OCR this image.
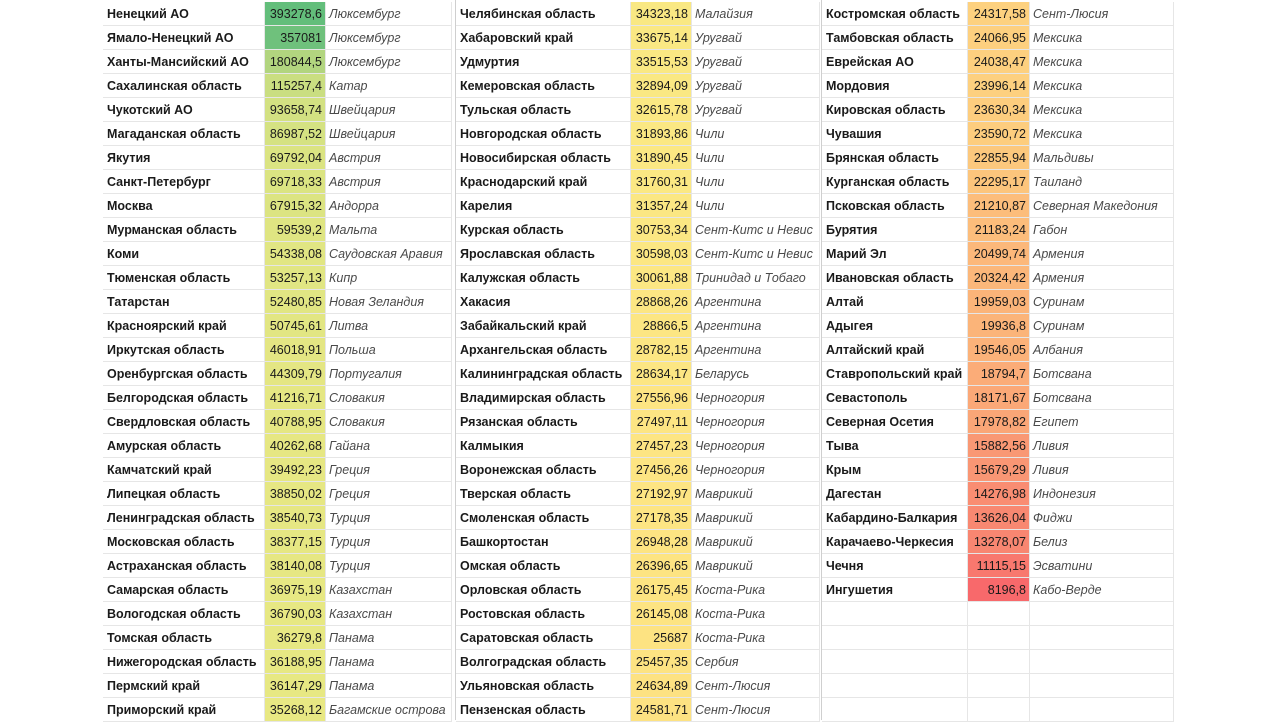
Ненецкий АО	393278,6 Люксембург
Ямало-Ненецкий АО	357081 Люксембург
Ханты-Мансийский АО	180844,5 Люксембург
Сахалинская область	115257,4 Катар
Чукотский АО	93658,74 Швейцария
Магаданская область	86987,52 Швейцария
Якутия	69792,04 Австрия
Санкт-Петербург	69718,33 Австрия
Москва	67915,32 Андорра
Мурманская область	59539,2 Мальта
Коми	54338,08 Саудовская Аравия
Тюменская область	53257,13 Кипр
Татарстан	52480,85 Новая Зеландия
Красноярский край	50745,61 Литва
Иркутская область	46018,91 Польша
Оренбургская область	44309,79 Португалия
Белгородская область	41216,71 Словакия
Свердловская область	40788,95 Словакия
Амурская область	40262,68 Гайана
Камчатский край	39492,23 Греция
Липецкая область	38850,02 Греция
Ленинградская область	38540,73 Турция
Московская область	38377,15 Турция
Астраханская область	38140,08 Турция
Самарская область	36975,19 Казахстан
Вологодская область	36790,03 Казахстан
Томская область	36279,8 Панама
Нижегородская область	36188,95 Панама
Пермский край	36147,29 Панама
Приморский край	35268,12 Багамские острова
Челябинская область	34323,18 Малайзия
Хабаровский край	33675,14 Уругвай
Удмуртия	33515,53 Уругвай
Кемеровская область	32894,09 Уругвай
Тульская область	32615,78 Уругвай
Новгородская область	31893,86 Чили
Новосибирская область	31890,45 Чили
Краснодарский край	31760,31 Чили
Карелия	31357,24 Чили
Курская область	30753,34 Сент-Китс и Невис
Ярославская область	30598,03 Сент-Китс и Невис
Калужская область	30061,88 Тринидад и Тобаго
Хакасия	28868,26 Аргентина
Забайкальский край	28866,5 Аргентина
Архангельская область	28782,15 Аргентина
Калининградская область	28634,17 Беларусь
Владимирская область	27556,96 Черногория
Рязанская область	27497,11 Черногория
Калмыкия	27457,23 Черногория
Воронежская область	27456,26 Черногория
Тверская область	27192,97 Маврикий
Смоленская область	27178,35 Маврикий
Башкортостан	26948,28 Маврикий
Омская область	26396,65 Маврикий
Орловская область	26175,45 Коста-Рика
Ростовская область	26145,08 Коста-Рика
Саратовская область	25687 Коста-Рика
Волгоградская область	25457,35 Сербия
Ульяновская область	24634,89 Сент-Люсия
Пензенская область	24581,71 Сент-Люсия
Костромская область	24317,58 Сент-Люсия
Тамбовская область	24066,95 Мексика
Еврейская АО	24038,47 Мексика
Мордовия	23996,14 Мексика
Кировская область	23630,34 Мексика
Чувашия	23590,72 Мексика
Брянская область	22855,94 Мальдивы
Курганская область	22295,17 Таиланд
Псковская область	21210,87 Северная Македония
Бурятия	21183,24 Габон
Марий Эл	20499,74 Армения
Ивановская область	20324,42 Армения
Алтай	19959,03 Суринам
Адыгея	19936,8 Суринам
Алтайский край	19546,05 Албания
Ставропольский край	18794,7 Ботсвана
Севастополь	18171,67 Ботсвана
Северная Осетия	17978,82 Египет
Тыва	15882,56 Ливия
Крым	15679,29 Ливия
Дагестан	14276,98 Индонезия
Кабардино-Балкария	13626,04 Фиджи
Карачаево-Черкесия	13278,07 Белиз
Чечня	11115,15 Эсватини
Ингушетия	8196,8 Кабо-Верде
